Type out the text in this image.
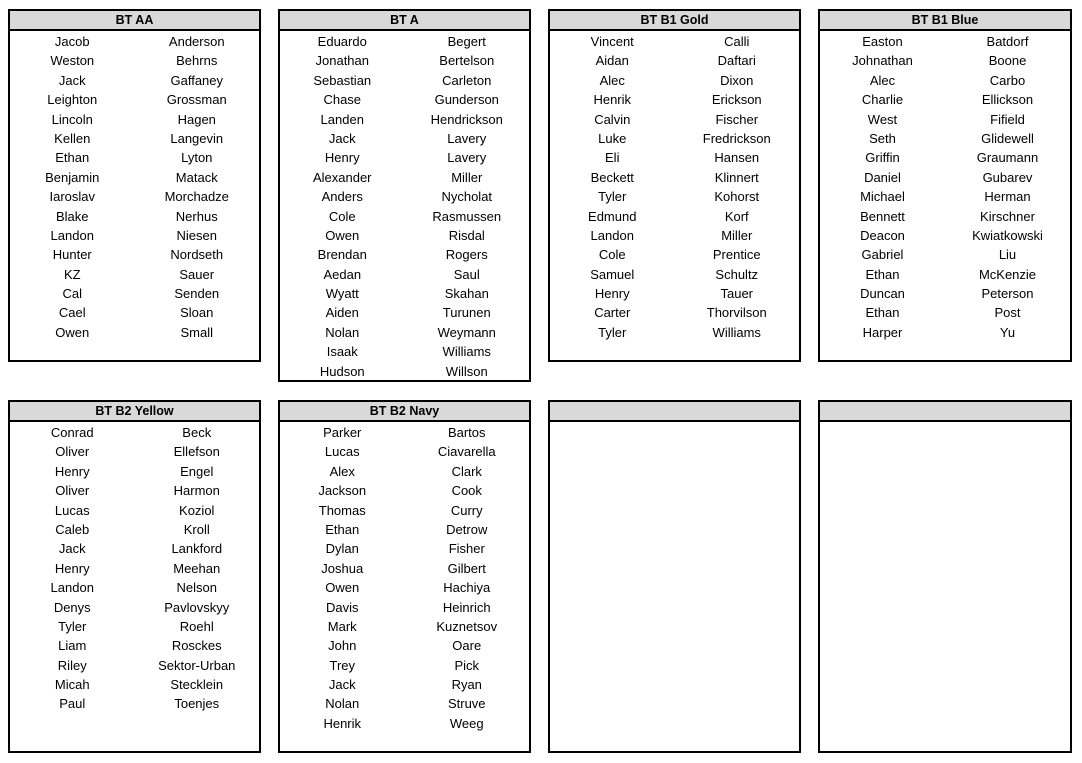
BT AA
Jacob	Anderson
Weston	Behrns
Jack	Gaffaney
Leighton	Grossman
Lincoln	Hagen
Kellen	Langevin
Ethan	Lyton
Benjamin	Matack
Iaroslav	Morchadze
Blake	Nerhus
Landon	Niesen
Hunter	Nordseth
KZ	Sauer
Cal	Senden
Cael	Sloan
Owen	Small
BT A
Eduardo	Begert
Jonathan	Bertelson
Sebastian	Carleton
Chase	Gunderson
Landen	Hendrickson
Jack	Lavery
Henry	Lavery
Alexander	Miller
Anders	Nycholat
Cole	Rasmussen
Owen	Risdal
Brendan	Rogers
Aedan	Saul
Wyatt	Skahan
Aiden	Turunen
Nolan	Weymann
Isaak	Williams
Hudson	Willson
BT B1 Gold
Vincent	Calli
Aidan	Daftari
Alec	Dixon
Henrik	Erickson
Calvin	Fischer
Luke	Fredrickson
Eli	Hansen
Beckett	Klinnert
Tyler	Kohorst
Edmund	Korf
Landon	Miller
Cole	Prentice
Samuel	Schultz
Henry	Tauer
Carter	Thorvilson
Tyler	Williams
BT B1 Blue
Easton	Batdorf
Johnathan	Boone
Alec	Carbo
Charlie	Ellickson
West	Fifield
Seth	Glidewell
Griffin	Graumann
Daniel	Gubarev
Michael	Herman
Bennett	Kirschner
Deacon	Kwiatkowski
Gabriel	Liu
Ethan	McKenzie
Duncan	Peterson
Ethan	Post
Harper	Yu
BT B2 Yellow
Conrad	Beck
Oliver	Ellefson
Henry	Engel
Oliver	Harmon
Lucas	Koziol
Caleb	Kroll
Jack	Lankford
Henry	Meehan
Landon	Nelson
Denys	Pavlovskyy
Tyler	Roehl
Liam	Rosckes
Riley	Sektor-Urban
Micah	Stecklein
Paul	Toenjes
BT B2 Navy
Parker	Bartos
Lucas	Ciavarella
Alex	Clark
Jackson	Cook
Thomas	Curry
Ethan	Detrow
Dylan	Fisher
Joshua	Gilbert
Owen	Hachiya
Davis	Heinrich
Mark	Kuznetsov
John	Oare
Trey	Pick
Jack	Ryan
Nolan	Struve
Henrik	Weeg
